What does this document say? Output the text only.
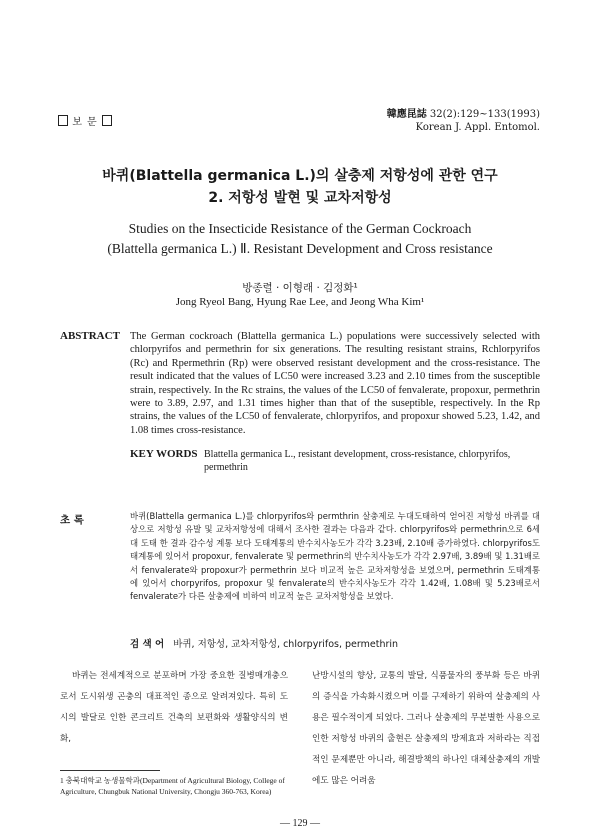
보 문
韓應昆誌 32(2):129~133(1993)
Korean J. Appl. Entomol.
바퀴(Blattella germanica L.)의 살충제 저항성에 관한 연구
2. 저항성 발현 및 교차저항성
Studies on the Insecticide Resistance of the German Cockroach
(Blattella germanica L.) Ⅱ. Resistant Development and Cross resistance
방종렬 · 이형래 · 김정화¹
Jong Ryeol Bang, Hyung Rae Lee, and Jeong Wha Kim¹
ABSTRACT The German cockroach (Blattella germanica L.) populations were successively selected with chlorpyrifos and permethrin for six generations. The resulting resistant strains, Rchlorpyrifos (Rc) and Rpermethrin (Rp) were observed resistant development and the cross-resistance. The result indicated that the values of LC50 were increased 3.23 and 2.10 times from the susceptible strain, respectively. In the Rc strains, the values of the LC50 of fenvalerate, propoxur, permethrin were to 3.89, 2.97, and 1.31 times higher than that of the suseptible, respectively. In the Rp strains, the values of the LC50 of fenvalerate, chlorpyrifos, and propoxur showed 5.23, 1.42, and 1.08 times cross-resistance.
KEY WORDS Blattella germanica L., resistant development, cross-resistance, chlorpyrifos, permethrin
초 록	바퀴(Blattella germanica L.)를 chlorpyrifos와 permthrin 살충제로 누대도태하여 얻어진 저항성 바퀴를 대상으로 저항성 유발 및 교차저항성에 대해서 조사한 결과는 다음과 같다. chlorpyrifos와 permethrin으로 6세대 도태 한 결과 감수성 계통 보다 도태계통의 반수치사농도가 각각 3.23배, 2.10배 증가하였다. chlorpyrifos도태계통에 있어서 propoxur, fenvalerate 및 permethrin의 반수치사농도가 각각 2.97배, 3.89배 및 1.31배로서 fenvalerate와 propoxur가 permethrin 보다 비교적 높은 교차저항성을 보였으며, permethrin 도태계통에 있어서 chorpyrifos, propoxur 및 fenvalerate의 반수치사농도가 각각 1.42배, 1.08배 및 5.23배로서 fenvalerate가 다른 살충제에 비하여 비교적 높은 교차저항성을 보였다.
검 색 어 바퀴, 저항성, 교차저항성, chlorpyrifos, permethrin
바퀴는 전세계적으로 분포하며 가장 중요한 질병매개충으로서 도시위생 곤충의 대표적인 종으로 알려져있다. 특히 도시의 발달로 인한 콘크리트 건축의 보편화와 생활양식의 변화,
난방시설의 향상, 교통의 발달, 식품물자의 풍부화 등은 바퀴의 증식을 가속화시켰으며 이를 구제하기 위하여 살충제의 사용은 필수적이게 되었다. 그러나 살충제의 무분별한 사용으로 인한 저항성 바퀴의 출현은 살충제의 방제효과 저하라는 직접적인 문제뿐만 아니라, 해결방책의 하나인 대체살충제의 개발에도 많은 어려움
1 충북대학교 농생물학과(Department of Agricultural Biology, College of Agriculture, Chungbuk National University, Chongju 360-763, Korea)
— 129 —
